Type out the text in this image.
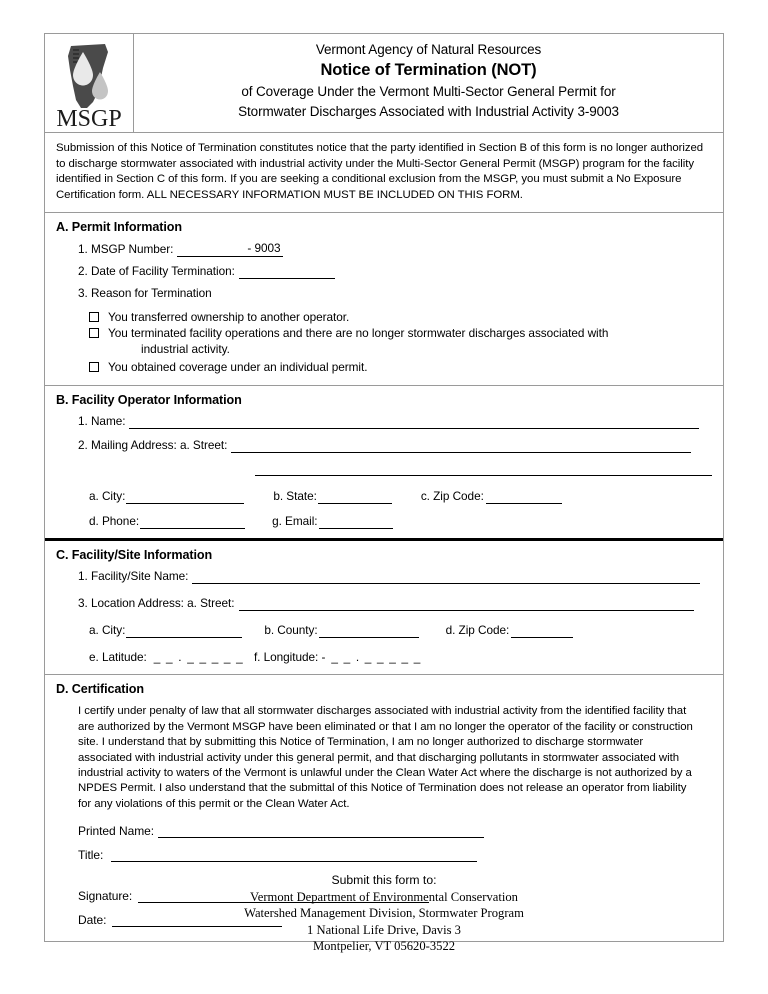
MSGP
Vermont Agency of Natural Resources
Notice of Termination (NOT)
of Coverage Under the Vermont Multi-Sector General Permit for
Stormwater Discharges Associated with Industrial Activity 3-9003
Submission of this Notice of Termination constitutes notice that the party identified in Section B of this form is no longer authorized to discharge stormwater associated with industrial activity under the Multi-Sector General Permit (MSGP) program for the facility identified in Section C of this form. If you are seeking a conditional exclusion from the MSGP, you must submit a No Exposure Certification form. ALL NECESSARY INFORMATION MUST BE INCLUDED ON THIS FORM.
A. Permit Information
1. MSGP Number:	- 9003
2. Date of Facility Termination:
3. Reason for Termination
You transferred ownership to another operator.
You terminated facility operations and there are no longer stormwater discharges associated with
industrial activity.
You obtained coverage under an individual permit.
B. Facility Operator Information
1. Name:
2. Mailing Address: a. Street:
a. City:	b. State:	c. Zip Code:
d. Phone:	g. Email:
C. Facility/Site Information
1. Facility/Site Name:
3. Location Address: a. Street:
a. City:	b. County:	d. Zip Code:
e. Latitude: _ _ . _ _ _ _ _ f. Longitude: - _ _ . _ _ _ _ _
D. Certification
I certify under penalty of law that all stormwater discharges associated with industrial activity from the identified facility that are authorized by the Vermont MSGP have been eliminated or that I am no longer the operator of the facility or construction site. I understand that by submitting this Notice of Termination, I am no longer authorized to discharge stormwater associated with industrial activity under this general permit, and that discharging pollutants in stormwater associated with industrial activity to waters of the Vermont is unlawful under the Clean Water Act where the discharge is not authorized by a NPDES Permit. I also understand that the submittal of this Notice of Termination does not release an operator from liability for any violations of this permit or the Clean Water Act.
Printed Name:
Title:
Signature:
Date:
Submit this form to:
Vermont Department of Environmental Conservation
Watershed Management Division, Stormwater Program
1 National Life Drive, Davis 3
Montpelier, VT 05620-3522
